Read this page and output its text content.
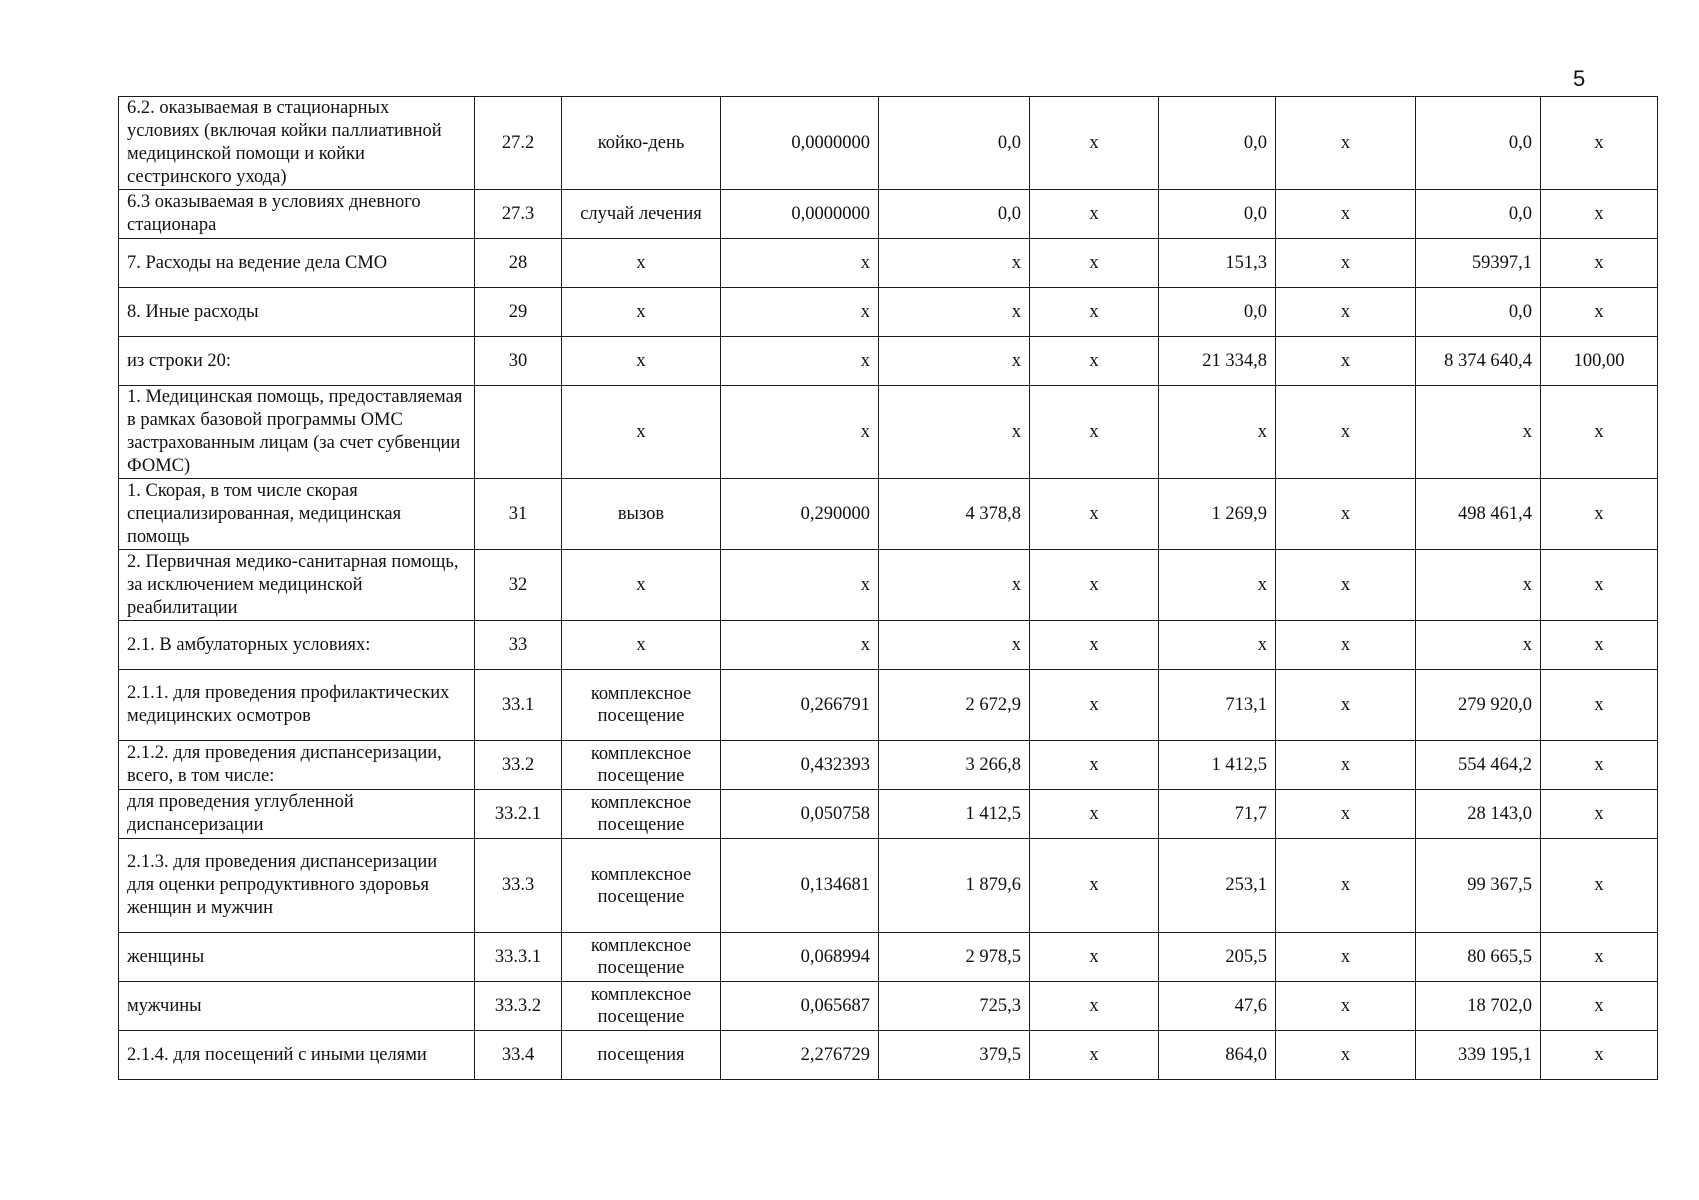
5
6.2. оказываемая в стационарных условиях (включая койки паллиативной медицинской помощи и койки сестринского ухода)	27.2	койко-день	0,0000000	0,0	х	0,0	х	0,0	х
6.3 оказываемая в условиях дневного стационара	27.3	случай лечения	0,0000000	0,0	х	0,0	х	0,0	х
7. Расходы на ведение дела СМО	28	х	х	х	х	151,3	х	59397,1	х
8. Иные расходы	29	х	х	х	х	0,0	х	0,0	х
из строки 20:	30	х	х	х	х	21 334,8	х	8 374 640,4	100,00
1. Медицинская помощь, предоставляемая в рамках базовой программы ОМС застрахованным лицам (за счет субвенции ФОМС)		х	х	х	х	х	х	х	х
1. Скорая, в том числе скорая специализированная, медицинская помощь	31	вызов	0,290000	4 378,8	х	1 269,9	х	498 461,4	х
2. Первичная медико-санитарная помощь, за исключением медицинской реабилитации	32	х	х	х	х	х	х	х	х
2.1. В амбулаторных условиях:	33	х	х	х	х	х	х	х	х
2.1.1. для проведения профилактических медицинских осмотров	33.1	комплексное посещение	0,266791	2 672,9	х	713,1	х	279 920,0	х
2.1.2. для проведения диспансеризации, всего, в том числе:	33.2	комплексное посещение	0,432393	3 266,8	х	1 412,5	х	554 464,2	х
для проведения углубленной диспансеризации	33.2.1	комплексное посещение	0,050758	1 412,5	х	71,7	х	28 143,0	х
2.1.3. для проведения диспансеризации для оценки репродуктивного здоровья женщин и мужчин	33.3	комплексное посещение	0,134681	1 879,6	х	253,1	х	99 367,5	х
женщины	33.3.1	комплексное посещение	0,068994	2 978,5	х	205,5	х	80 665,5	х
мужчины	33.3.2	комплексное посещение	0,065687	725,3	х	47,6	х	18 702,0	х
2.1.4. для посещений с иными целями	33.4	посещения	2,276729	379,5	х	864,0	х	339 195,1	х
